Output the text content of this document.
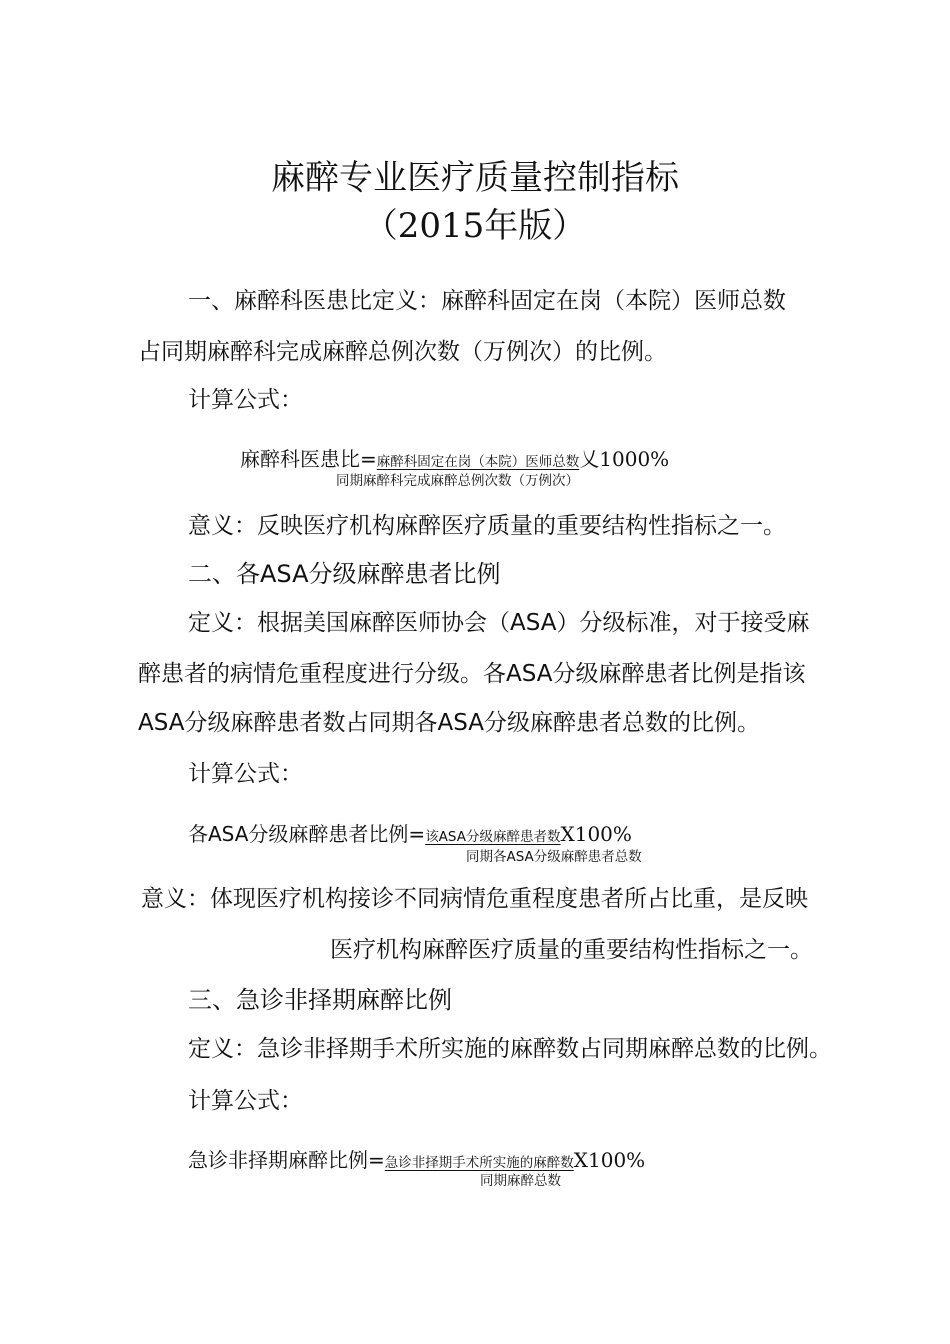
麻醉专业医疗质量控制指标
（2015年版）
一、麻醉科医患比定义：麻醉科固定在岗（本院）医师总数
占同期麻醉科完成麻醉总例次数（万例次）的比例。
计算公式：
麻醉科医患比=麻醉科固定在岗（本院）医师总数乂1000%
同期麻醉科完成麻醉总例次数（万例次）
意义：反映医疗机构麻醉医疗质量的重要结构性指标之一。
二、各ASA分级麻醉患者比例
定义：根据美国麻醉医师协会（ASA）分级标准，对于接受麻
醉患者的病情危重程度进行分级。各ASA分级麻醉患者比例是指该
ASA分级麻醉患者数占同期各ASA分级麻醉患者总数的比例。
计算公式：
各ASA分级麻醉患者比例=该ASA分级麻醉患者数X100%
同期各ASA分级麻醉患者总数
意义：体现医疗机构接诊不同病情危重程度患者所占比重，是反映
医疗机构麻醉医疗质量的重要结构性指标之一。
三、急诊非择期麻醉比例
定义：急诊非择期手术所实施的麻醉数占同期麻醉总数的比例。
计算公式：
急诊非择期麻醉比例=急诊非择期手术所实施的麻醉数X100%
同期麻醉总数
